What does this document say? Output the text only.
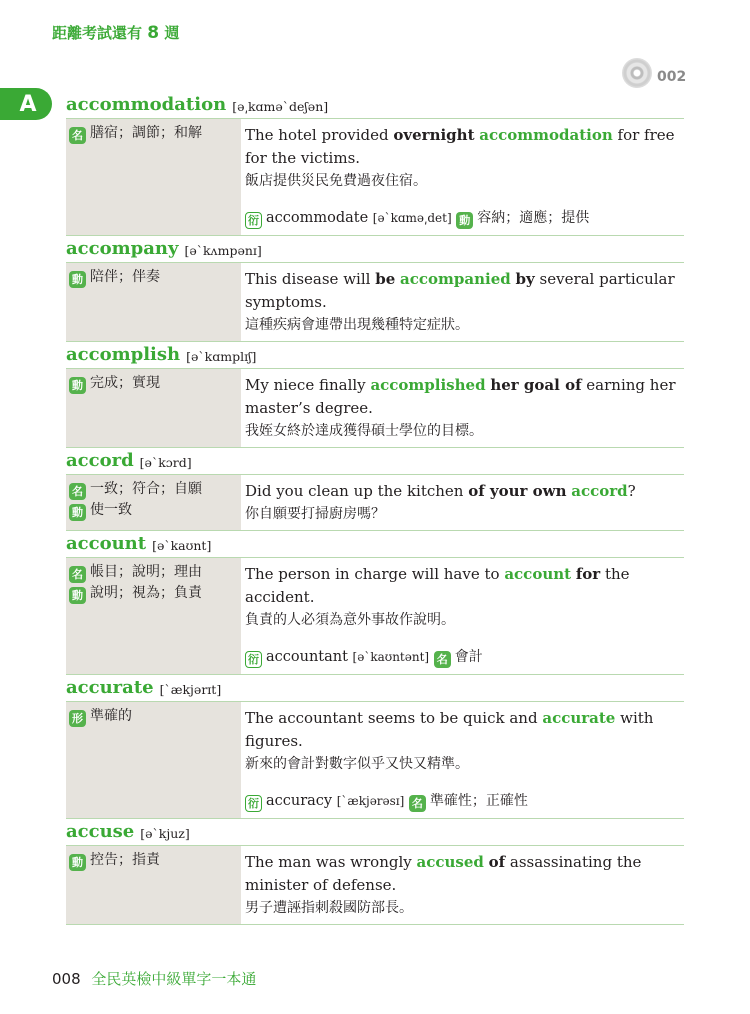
距離考試還有 8 週
002
A accommodation [ə͵kɑmə`deʃən]
名 膳宿；調節；和解	The hotel provided overnight accommodation for free for the victims.
飯店提供災民免費過夜住宿。
衍 accommodate [ə`kɑmə͵det] 動 容納；適應；提供
accompany [ə`kʌmpənɪ]
動 陪伴；伴奏	This disease will be accompanied by several particular symptoms.
這種疾病會連帶出現幾種特定症狀。
accomplish [ə`kɑmplɪʃ]
動 完成；實現	My niece finally accomplished her goal of earning her master’s degree.
我姪女終於達成獲得碩士學位的目標。
accord [ə`kɔrd]
名 一致；符合；自願
動 使一致
Did you clean up the kitchen of your own accord?
你自願要打掃廚房嗎？
account [ə`kaʊnt]
名 帳目；說明；理由
動 說明；視為；負責
The person in charge will have to account for the accident.
負責的人必須為意外事故作說明。
衍 accountant [ə`kaʊntənt] 名 會計
accurate [`ækjərɪt]
形 準確的	The accountant seems to be quick and accurate with figures.
新來的會計對數字似乎又快又精準。
衍 accuracy [`ækjərəsɪ] 名 準確性；正確性
accuse [ə`kjuz]
動 控告；指責	The man was wrongly accused of assassinating the minister of defense.
男子遭誣指刺殺國防部長。
008 全民英檢中級單字一本通
